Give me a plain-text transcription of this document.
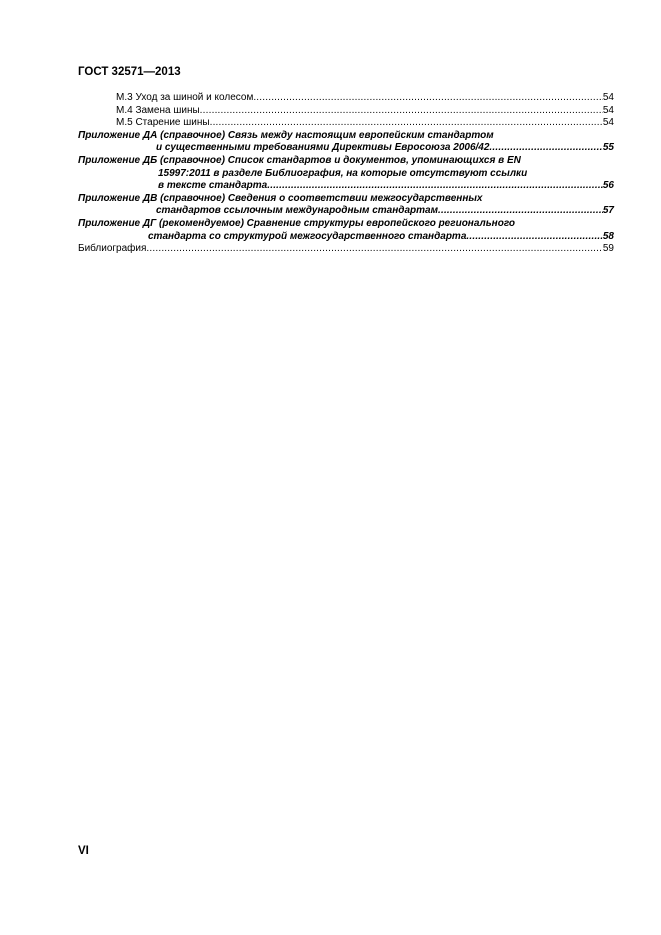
ГОСТ 32571—2013
М.3 Уход за шиной и колесом .....	54
М.4 Замена шины .....	54
М.5 Старение шины .....	54
Приложение ДА (справочное) Связь между настоящим европейским стандартом
и существенными требованиями Директивы Евросоюза 2006/42 .....	55
Приложение ДБ (справочное) Список стандартов и документов, упоминающихся в EN
15997:2011 в разделе Библиография, на которые отсутствуют ссылки
в тексте стандарта .....	56
Приложение ДВ (справочное) Сведения о соответствии межгосударственных
стандартов ссылочным международным стандартам .....	57
Приложение ДГ (рекомендуемое) Сравнение структуры европейского регионального
стандарта со структурой межгосударственного стандарта .....	58
Библиография .....	59
VI
